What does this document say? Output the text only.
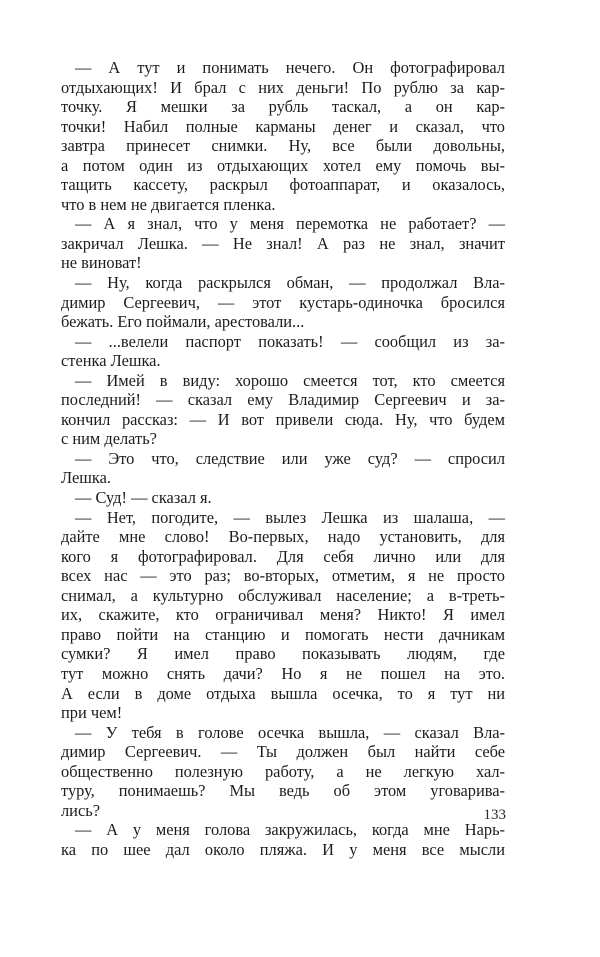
— А тут и понимать нечего. Он фотографировал
отдыхающих! И брал с них деньги! По рублю за кар-
точку. Я мешки за рубль таскал, а он кар-
точки! Набил полные карманы денег и сказал, что
завтра принесет снимки. Ну, все были довольны,
а потом один из отдыхающих хотел ему помочь вы-
тащить кассету, раскрыл фотоаппарат, и оказалось,
что в нем не двигается пленка.
— А я знал, что у меня перемотка не работает? —
закричал Лешка. — Не знал! А раз не знал, значит
не виноват!
— Ну, когда раскрылся обман, — продолжал Вла-
димир Сергеевич, — этот кустарь-одиночка бросился
бежать. Его поймали, арестовали...
— ...велели паспорт показать! — сообщил из за-
стенка Лешка.
— Имей в виду: хорошо смеется тот, кто смеется
последний! — сказал ему Владимир Сергеевич и за-
кончил рассказ: — И вот привели сюда. Ну, что будем
с ним делать?
— Это что, следствие или уже суд? — спросил
Лешка.
— Суд! — сказал я.
— Нет, погодите, — вылез Лешка из шалаша, —
дайте мне слово! Во-первых, надо установить, для
кого я фотографировал. Для себя лично или для
всех нас — это раз; во-вторых, отметим, я не просто
снимал, а культурно обслуживал население; а в-треть-
их, скажите, кто ограничивал меня? Никто! Я имел
право пойти на станцию и помогать нести дачникам
сумки? Я имел право показывать людям, где
тут можно снять дачи? Но я не пошел на это.
А если в доме отдыха вышла осечка, то я тут ни
при чем!
— У тебя в голове осечка вышла, — сказал Вла-
димир Сергеевич. — Ты должен был найти себе
общественно полезную работу, а не легкую хал-
туру, понимаешь? Мы ведь об этом уговарива-
лись?
— А у меня голова закружилась, когда мне Нарь-
ка по шее дал около пляжа. И у меня все мысли
133
